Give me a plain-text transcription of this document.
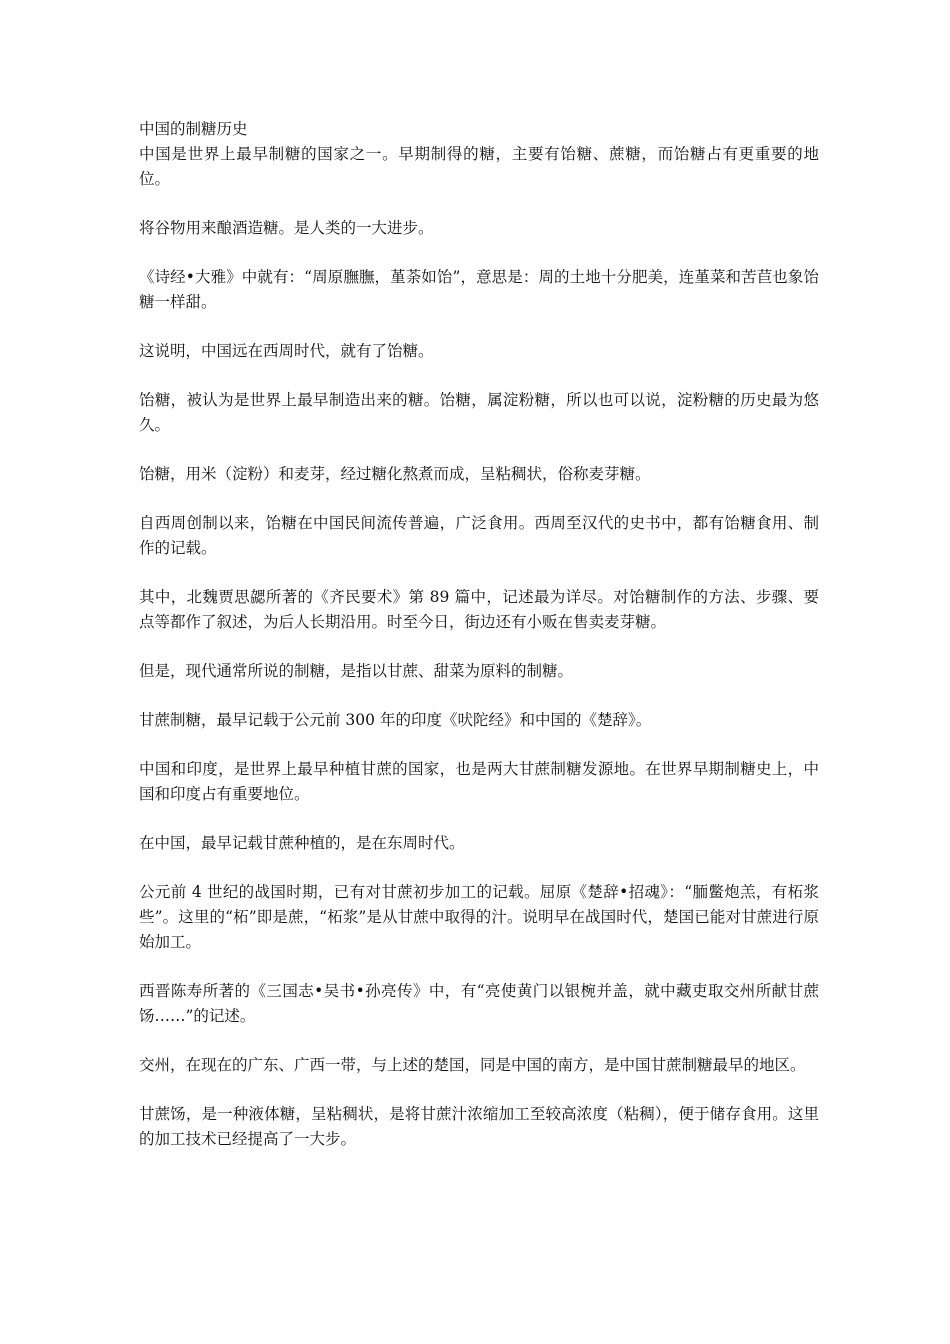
中国的制糖历史

中国是世界上最早制糖的国家之一。早期制得的糖，主要有饴糖、蔗糖，而饴糖占有更重要的地位。

将谷物用来酿酒造糖。是人类的一大进步。

《诗经•大雅》中就有：“周原膴膴，堇荼如饴”，意思是：周的土地十分肥美，连堇菜和苦苣也象饴糖一样甜。

这说明，中国远在西周时代，就有了饴糖。

饴糖，被认为是世界上最早制造出来的糖。饴糖，属淀粉糖，所以也可以说，淀粉糖的历史最为悠久。

饴糖，用米（淀粉）和麦芽，经过糖化熬煮而成，呈粘稠状，俗称麦芽糖。

自西周创制以来，饴糖在中国民间流传普遍，广泛食用。西周至汉代的史书中，都有饴糖食用、制作的记载。

其中，北魏贾思勰所著的《齐民要术》第 89 篇中，记述最为详尽。对饴糖制作的方法、步骤、要点等都作了叙述，为后人长期沿用。时至今日，街边还有小贩在售卖麦芽糖。

但是，现代通常所说的制糖，是指以甘蔗、甜菜为原料的制糖。

甘蔗制糖，最早记载于公元前 300 年的印度《吠陀经》和中国的《楚辞》。

中国和印度，是世界上最早种植甘蔗的国家，也是两大甘蔗制糖发源地。在世界早期制糖史上，中国和印度占有重要地位。

在中国，最早记载甘蔗种植的，是在东周时代。

公元前 4 世纪的战国时期，已有对甘蔗初步加工的记载。屈原《楚辞•招魂》：“胹鳖炮羔，有柘浆些”。这里的“柘”即是蔗，“柘浆”是从甘蔗中取得的汁。说明早在战国时代，楚国已能对甘蔗进行原始加工。

西晋陈寿所著的《三国志•吴书•孙亮传》中，有“亮使黄门以银椀并盖，就中藏吏取交州所献甘蔗饧……”的记述。

交州，在现在的广东、广西一带，与上述的楚国，同是中国的南方，是中国甘蔗制糖最早的地区。

甘蔗饧，是一种液体糖，呈粘稠状，是将甘蔗汁浓缩加工至较高浓度（粘稠），便于储存食用。这里的加工技术已经提高了一大步。
